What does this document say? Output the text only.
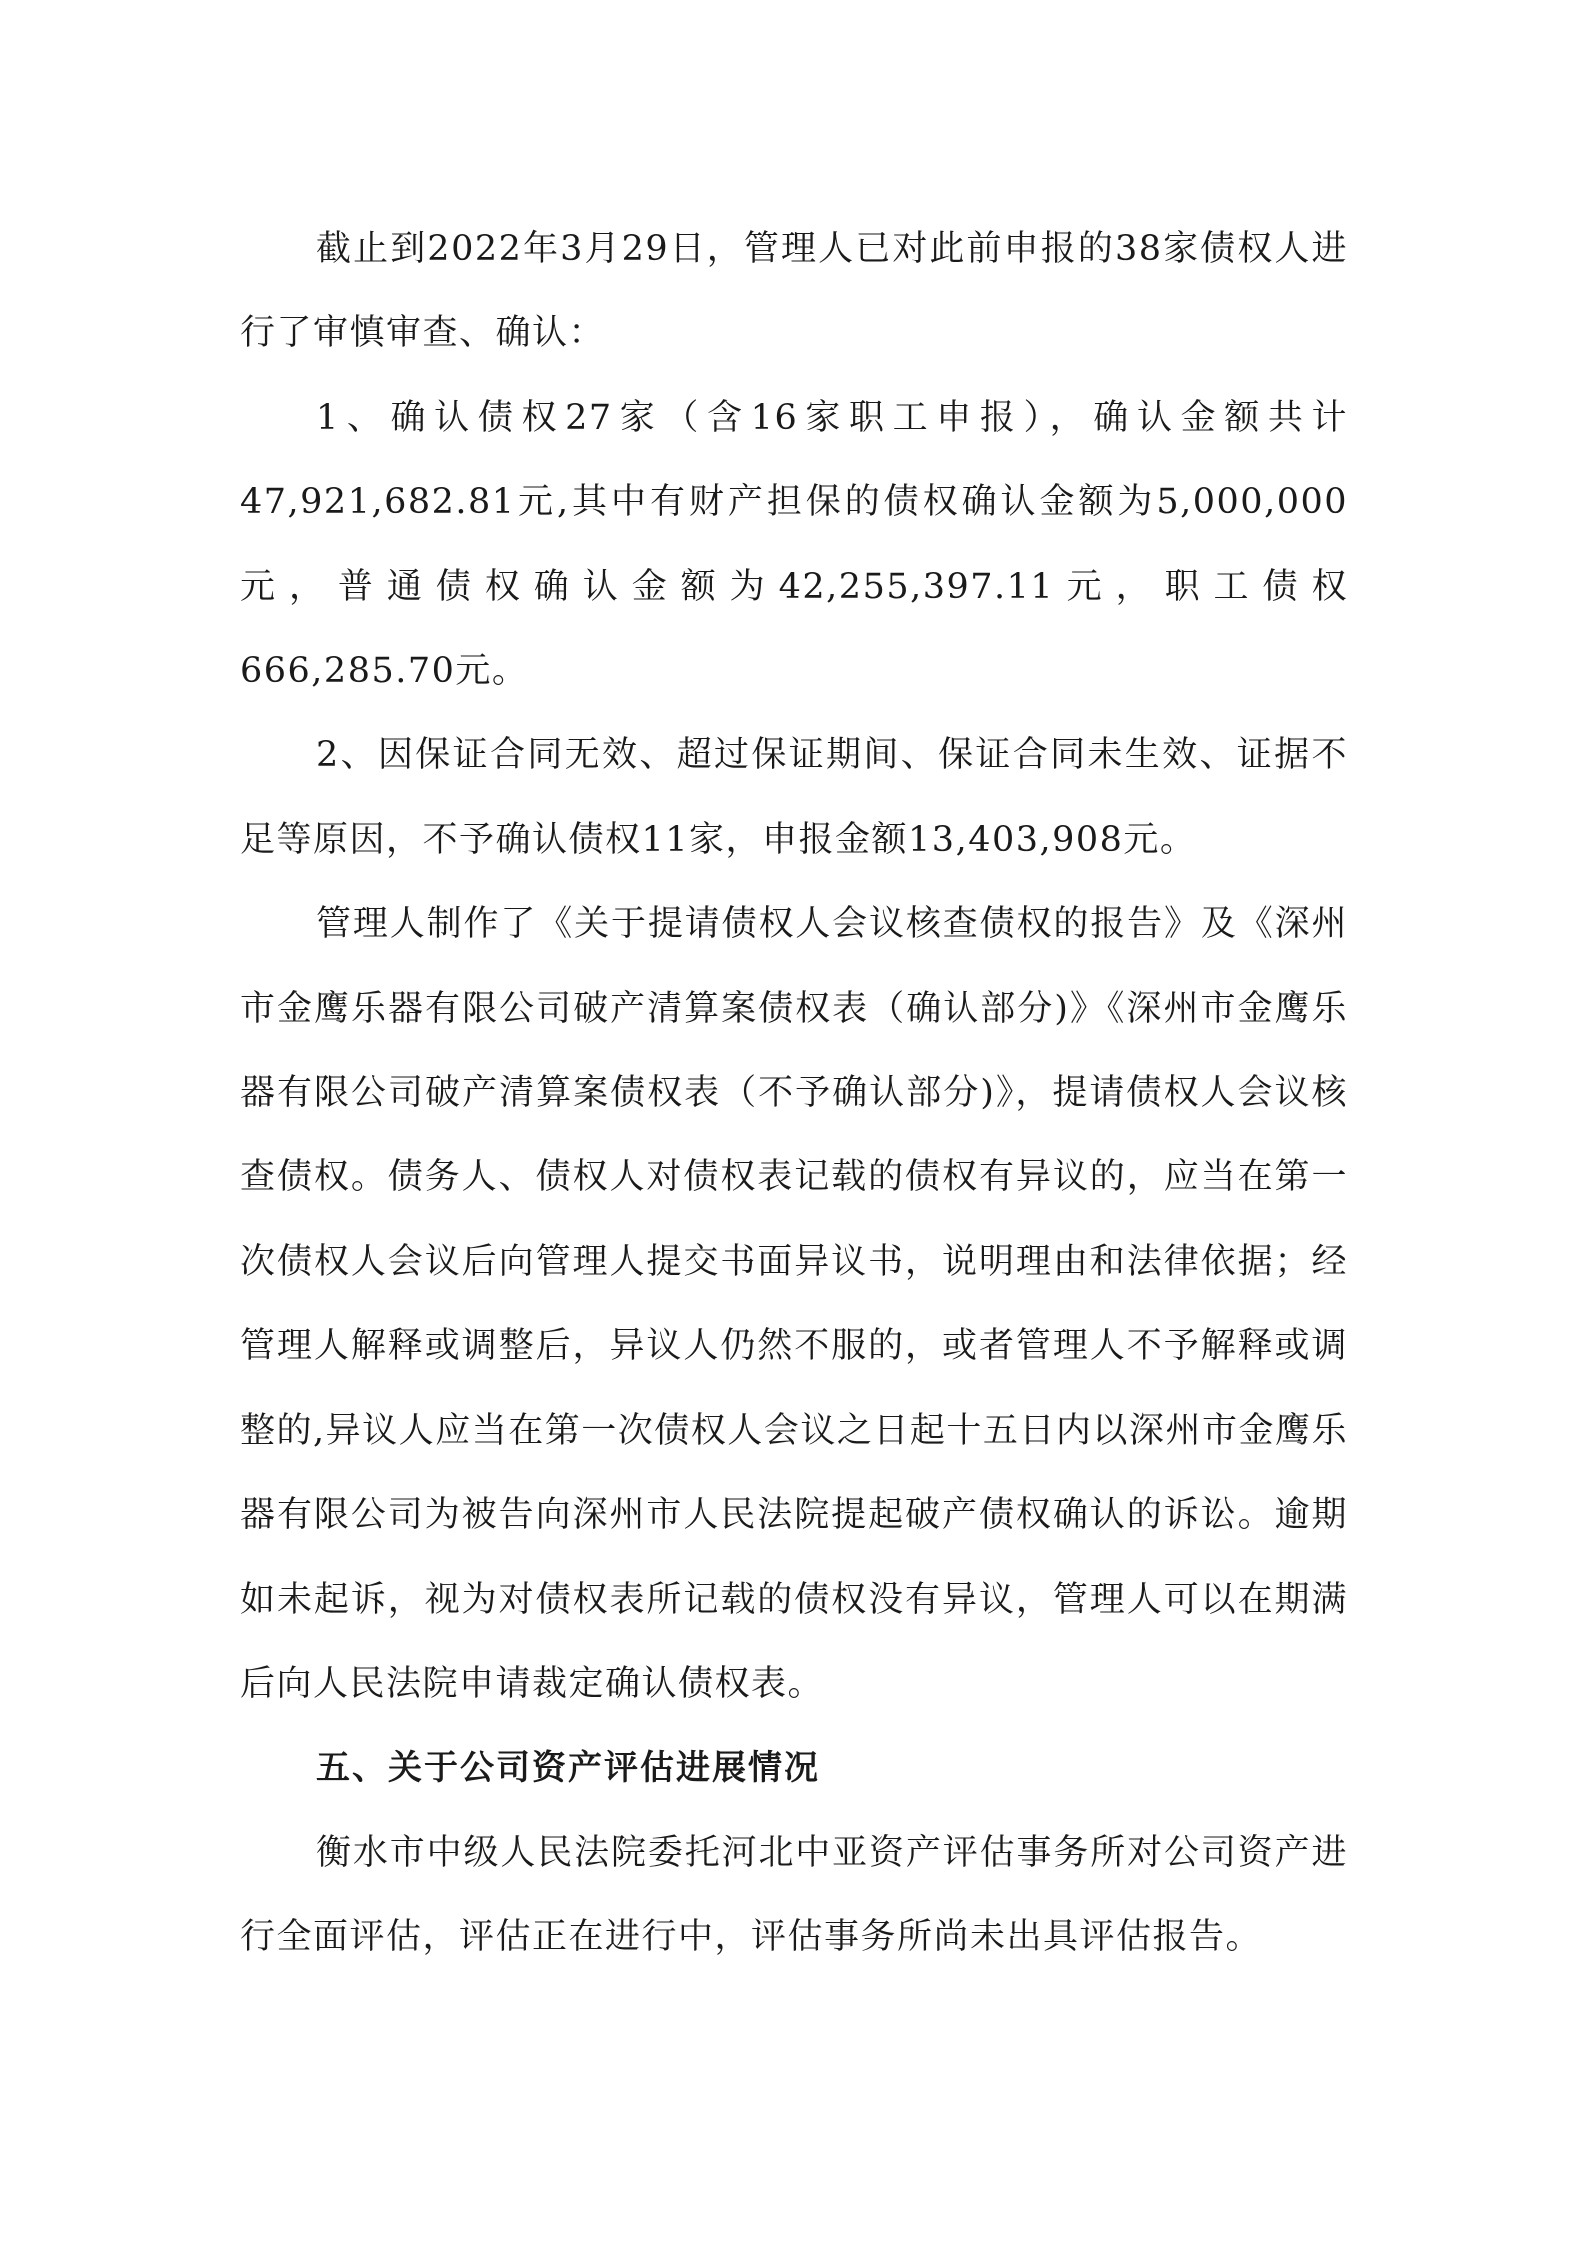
截止到2022年3月29日，管理人已对此前申报的38家债权人进行了审慎审查、确认：

1、确认债权27家（含16家职工申报），确认金额共计47,921,682.81元,其中有财产担保的债权确认金额为5,000,000元，普通债权确认金额为42,255,397.11元，职工债权666,285.70元。

2、因保证合同无效、超过保证期间、保证合同未生效、证据不足等原因，不予确认债权11家，申报金额13,403,908元。

管理人制作了《关于提请债权人会议核查债权的报告》及《深州市金鹰乐器有限公司破产清算案债权表（确认部分)》《深州市金鹰乐器有限公司破产清算案债权表（不予确认部分)》，提请债权人会议核查债权。债务人、债权人对债权表记载的债权有异议的，应当在第一次债权人会议后向管理人提交书面异议书，说明理由和法律依据；经管理人解释或调整后，异议人仍然不服的，或者管理人不予解释或调整的,异议人应当在第一次债权人会议之日起十五日内以深州市金鹰乐器有限公司为被告向深州市人民法院提起破产债权确认的诉讼。逾期如未起诉，视为对债权表所记载的债权没有异议，管理人可以在期满后向人民法院申请裁定确认债权表。

五、关于公司资产评估进展情况

衡水市中级人民法院委托河北中亚资产评估事务所对公司资产进行全面评估，评估正在进行中，评估事务所尚未出具评估报告。
